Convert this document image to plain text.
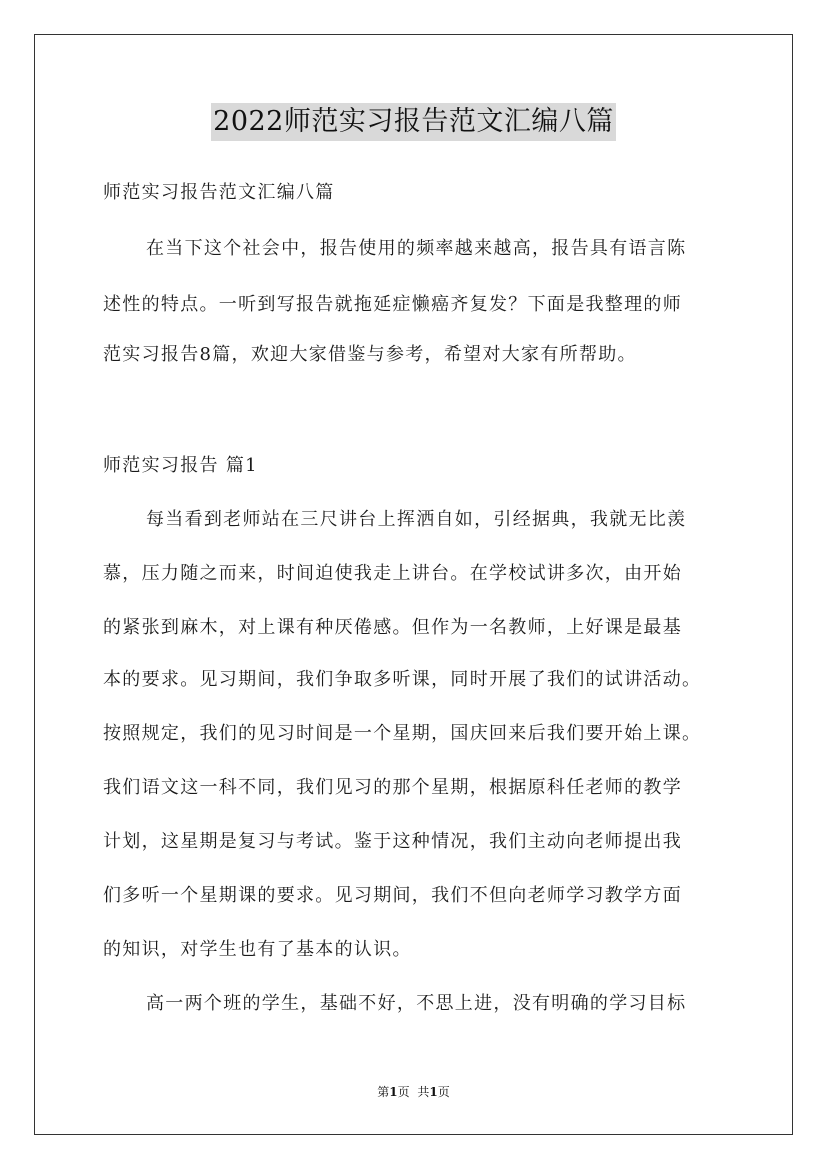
2022师范实习报告范文汇编八篇
师范实习报告范文汇编八篇
在当下这个社会中，报告使用的频率越来越高，报告具有语言陈
述性的特点。一听到写报告就拖延症懒癌齐复发？下面是我整理的师
范实习报告8篇，欢迎大家借鉴与参考，希望对大家有所帮助。
师范实习报告 篇1
每当看到老师站在三尺讲台上挥洒自如，引经据典，我就无比羡
慕，压力随之而来，时间迫使我走上讲台。在学校试讲多次，由开始
的紧张到麻木，对上课有种厌倦感。但作为一名教师，上好课是最基
本的要求。见习期间，我们争取多听课，同时开展了我们的试讲活动。
按照规定，我们的见习时间是一个星期，国庆回来后我们要开始上课。
我们语文这一科不同，我们见习的那个星期，根据原科任老师的教学
计划，这星期是复习与考试。鉴于这种情况，我们主动向老师提出我
们多听一个星期课的要求。见习期间，我们不但向老师学习教学方面
的知识，对学生也有了基本的认识。
高一两个班的学生，基础不好，不思上进，没有明确的学习目标
第1页 共1页
